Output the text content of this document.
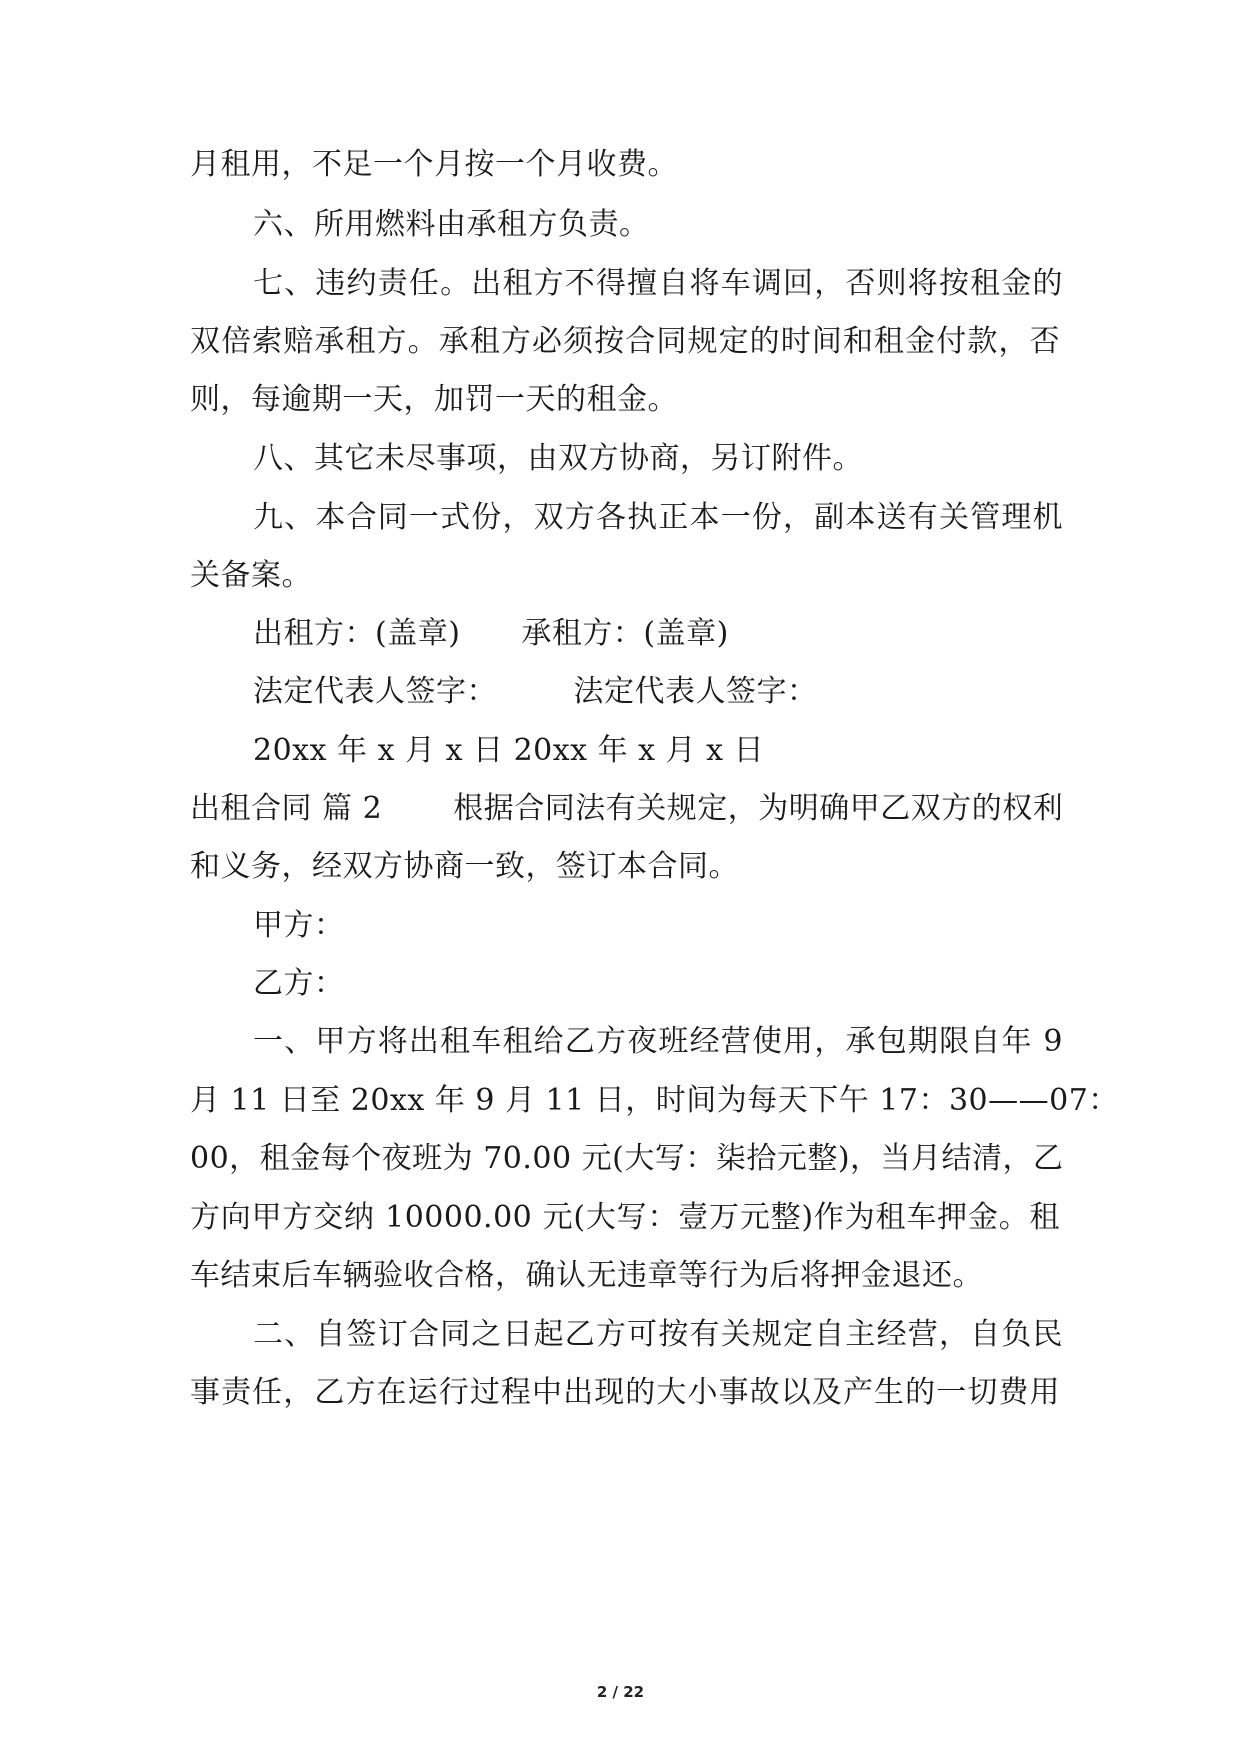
月租用，不足一个月按一个月收费。
六、所用燃料由承租方负责。
七、违约责任。出租方不得擅自将车调回，否则将按租金的
双倍索赔承租方。承租方必须按合同规定的时间和租金付款，否
则，每逾期一天，加罚一天的租金。
八、其它未尽事项，由双方协商，另订附件。
九、本合同一式份，双方各执正本一份，副本送有关管理机
关备案。
出租方：(盖章)　　承租方：(盖章)
法定代表人签字：　　　法定代表人签字：
20xx 年 x 月 x 日 20xx 年 x 月 x 日
出租合同 篇 2　　 根据合同法有关规定，为明确甲乙双方的权利
和义务，经双方协商一致，签订本合同。
甲方：
乙方：
一、甲方将出租车租给乙方夜班经营使用，承包期限自年 9
月 11 日至 20xx 年 9 月 11 日，时间为每天下午 17：30——07：
00，租金每个夜班为 70.00 元(大写：柒拾元整)，当月结清，乙
方向甲方交纳 10000.00 元(大写：壹万元整)作为租车押金。租
车结束后车辆验收合格，确认无违章等行为后将押金退还。
二、自签订合同之日起乙方可按有关规定自主经营，自负民
事责任，乙方在运行过程中出现的大小事故以及产生的一切费用
2 / 22
